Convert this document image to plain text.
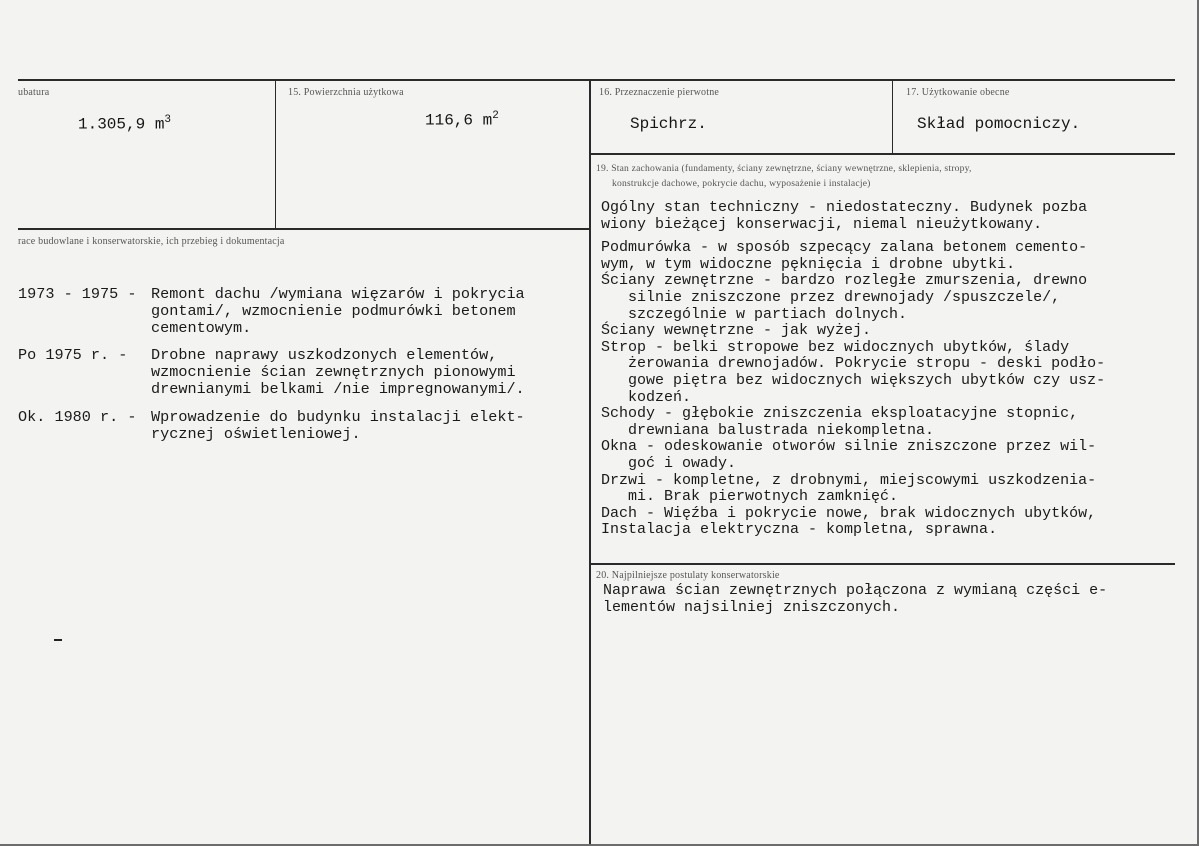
ubatura
1.305,9 $m^3$
15. Powierzchnia użytkowa
116,6 $m^2$
16. Przeznaczenie pierwotne
Spichrz.
17. Użytkowanie obecne
Skład pomocniczy.
race budowlane i konserwatorskie, ich przebieg i dokumentacja
1973 - 1975 - Remont dachu /wymiana więzarów i pokrycia
gontami/, wzmocnienie podmurówki betonem
cementowym.
Po 1975 r. - Drobne naprawy uszkodzonych elementów,
wzmocnienie ścian zewnętrznych pionowymi
drewnianymi belkami /nie impregnowanymi/.
Ok. 1980 r. - Wprowadzenie do budynku instalacji elekt-
rycznej oświetleniowej.
19. Stan zachowania (fundamenty, ściany zewnętrzne, ściany wewnętrzne, sklepienia, stropy,
konstrukcje dachowe, pokrycie dachu, wyposażenie i instalacje)
Ogólny stan techniczny - niedostateczny. Budynek pozba
wiony bieżącej konserwacji, niemal nieużytkowany.
Podmurówka - w sposób szpecący zalana betonem cemento-
wym, w tym widoczne pęknięcia i drobne ubytki.
Ściany zewnętrzne - bardzo rozległe zmurszenia, drewno
silnie zniszczone przez drewnojady /spuszczele/,
szczególnie w partiach dolnych.
Ściany wewnętrzne - jak wyżej.
Strop - belki stropowe bez widocznych ubytków, ślady
żerowania drewnojadów. Pokrycie stropu - deski podło-
gowe piętra bez widocznych większych ubytków czy usz-
kodzeń.
Schody - głębokie zniszczenia eksploatacyjne stopnic,
drewniana balustrada niekompletna.
Okna - odeskowanie otworów silnie zniszczone przez wil-
goć i owady.
Drzwi - kompletne, z drobnymi, miejscowymi uszkodzenia-
mi. Brak pierwotnych zamknięć.
Dach - Więźba i pokrycie nowe, brak widocznych ubytków,
Instalacja elektryczna - kompletna, sprawna.
20. Najpilniejsze postulaty konserwatorskie
Naprawa ścian zewnętrznych połączona z wymianą części e-
lementów najsilniej zniszczonych.
